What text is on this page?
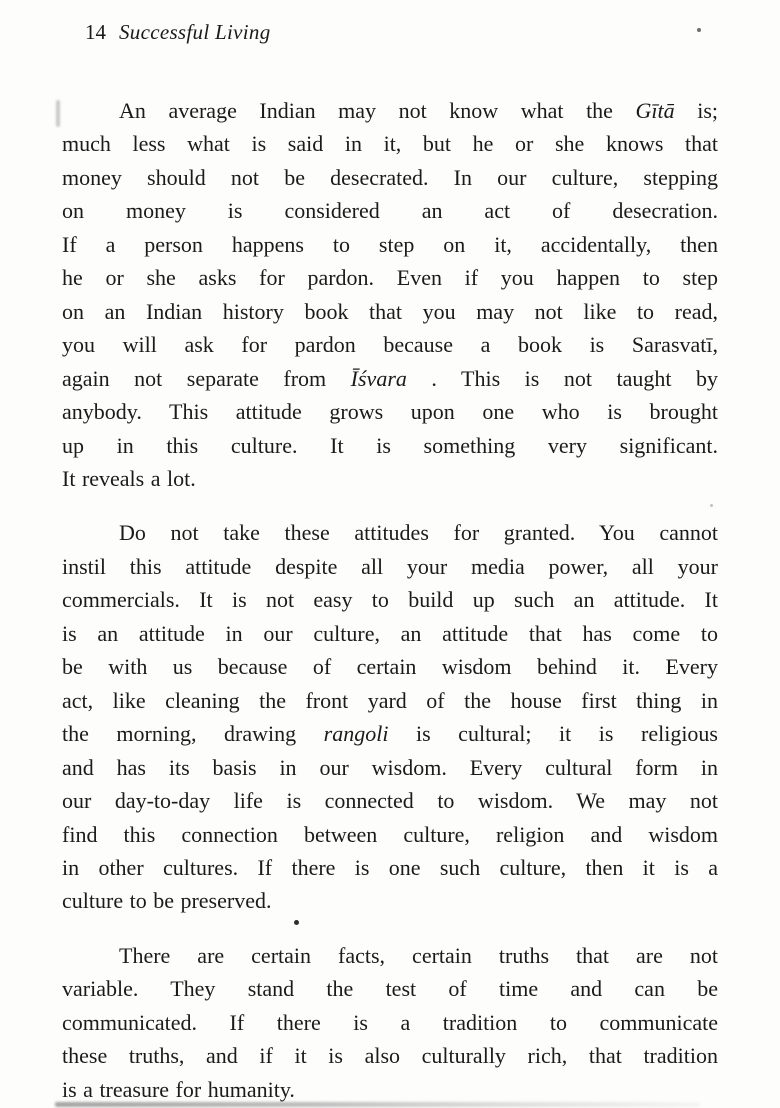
14 Successful Living
An average Indian may not know what the Gītā is;
much less what is said in it, but he or she knows that
money should not be desecrated. In our culture, stepping
on money is considered an act of desecration.
If a person happens to step on it, accidentally, then
he or she asks for pardon. Even if you happen to step
on an Indian history book that you may not like to read,
you will ask for pardon because a book is Sarasvatī,
again not separate from Īśvara . This is not taught by
anybody. This attitude grows upon one who is brought
up in this culture. It is something very significant.
It reveals a lot.
Do not take these attitudes for granted. You cannot
instil this attitude despite all your media power, all your
commercials. It is not easy to build up such an attitude. It
is an attitude in our culture, an attitude that has come to
be with us because of certain wisdom behind it. Every
act, like cleaning the front yard of the house first thing in
the morning, drawing rangoli is cultural; it is religious
and has its basis in our wisdom. Every cultural form in
our day-to-day life is connected to wisdom. We may not
find this connection between culture, religion and wisdom
in other cultures. If there is one such culture, then it is a
culture to be preserved.
There are certain facts, certain truths that are not
variable. They stand the test of time and can be
communicated. If there is a tradition to communicate
these truths, and if it is also culturally rich, that tradition
is a treasure for humanity.
